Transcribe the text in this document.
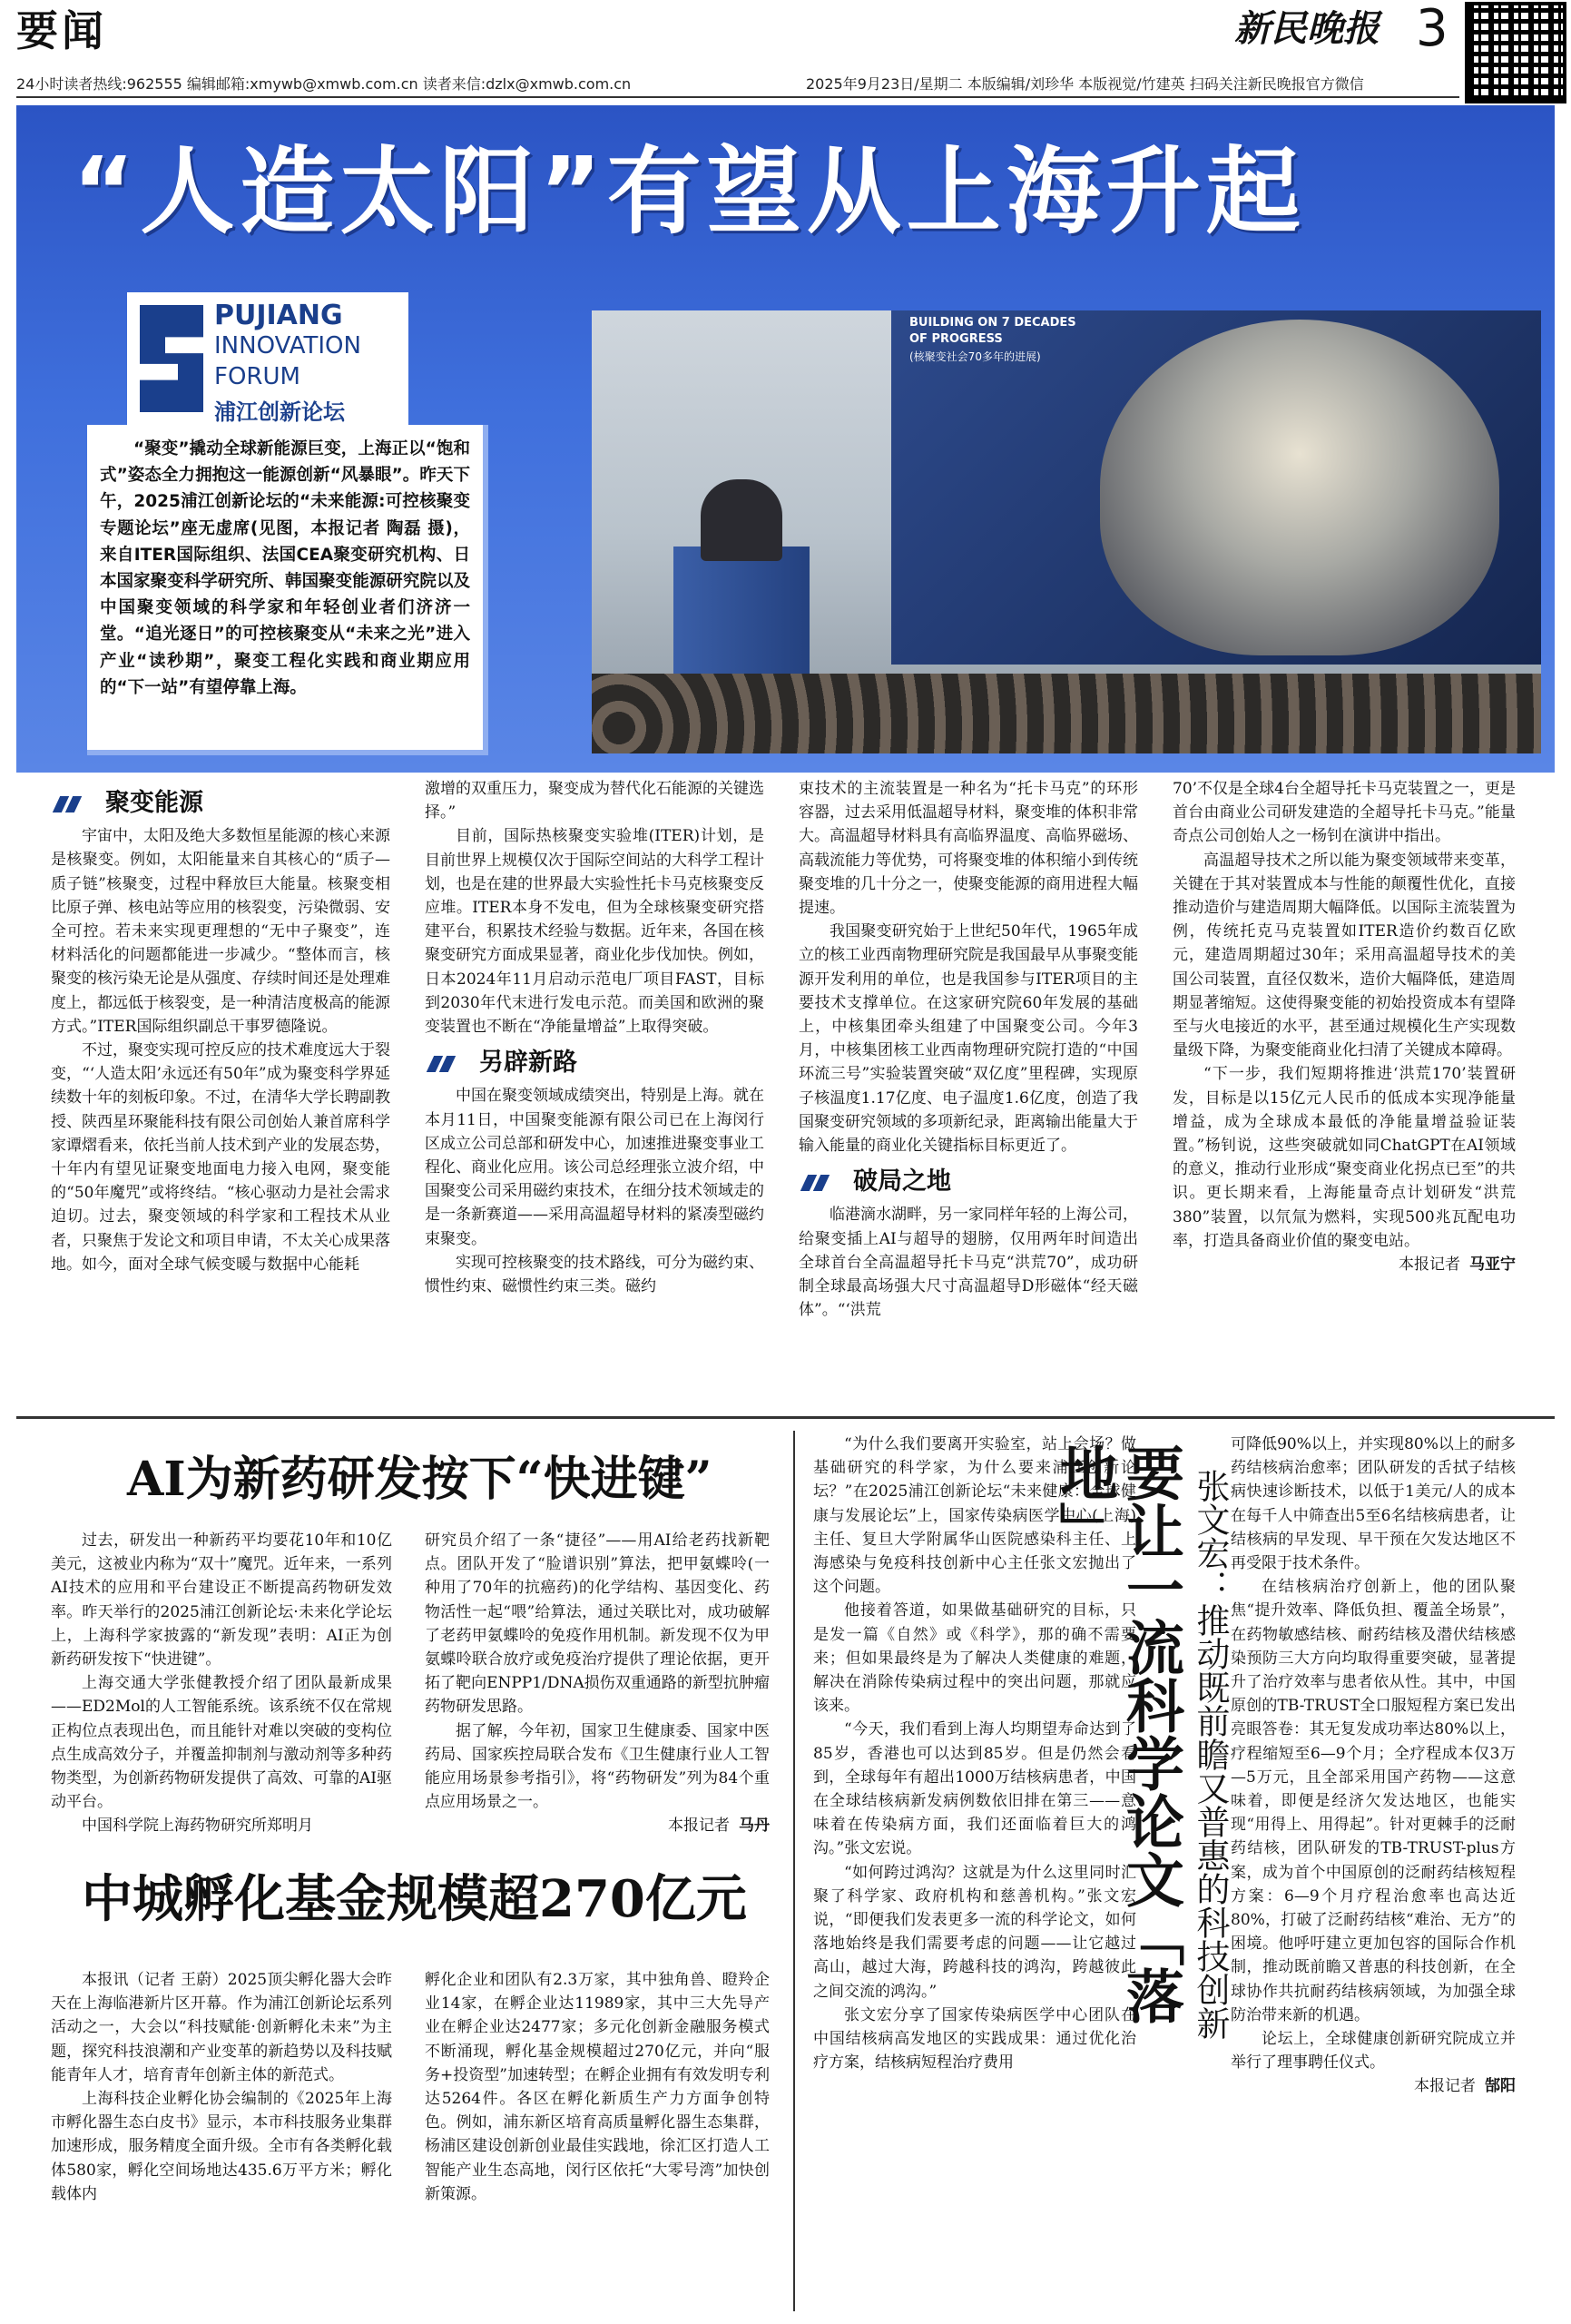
要闻	新民晚报 3
24小时读者热线:962555 编辑邮箱:xmywb@xmwb.com.cn 读者来信:dzlx@xmwb.com.cn	2025年9月23日/星期二 本版编辑/刘珍华 本版视觉/竹建英 扫码关注新民晚报官方微信
“人造太阳”有望从上海升起
PUJIANG
INNOVATION
FORUM
浦江创新论坛
BUILDING ON 7 DECADES
OF PROGRESS
(核聚变社会70多年的进展)

“聚变”撬动全球新能源巨变，上海正以“饱和式”姿态全力拥抱这一能源创新“风暴眼”。昨天下午，2025浦江创新论坛的“未来能源:可控核聚变专题论坛”座无虚席(见图，本报记者 陶磊 摄)，来自ITER国际组织、法国CEA聚变研究机构、日本国家聚变科学研究所、韩国聚变能源研究院以及中国聚变领域的科学家和年轻创业者们济济一堂。“追光逐日”的可控核聚变从“未来之光”进入产业“读秒期”，聚变工程化实践和商业期应用的“下一站”有望停靠上海。

聚变能源

宇宙中，太阳及绝大多数恒星能源的核心来源是核聚变。例如，太阳能量来自其核心的“质子—质子链”核聚变，过程中释放巨大能量。核聚变相比原子弹、核电站等应用的核裂变，污染微弱、安全可控。若未来实现更理想的“无中子聚变”，连材料活化的问题都能进一步减少。“整体而言，核聚变的核污染无论是从强度、存续时间还是处理难度上，都远低于核裂变，是一种清洁度极高的能源方式。”ITER国际组织副总干事罗德隆说。

不过，聚变实现可控反应的技术难度远大于裂变，“‘人造太阳’永远还有50年”成为聚变科学界延续数十年的刻板印象。不过，在清华大学长聘副教授、陕西星环聚能科技有限公司创始人兼首席科学家谭熠看来，依托当前人技术到产业的发展态势，十年内有望见证聚变地面电力接入电网，聚变能的“50年魔咒”或将终结。“核心驱动力是社会需求迫切。过去，聚变领域的科学家和工程技术从业者，只聚焦于发论文和项目申请，不太关心成果落地。如今，面对全球气候变暖与数据中心能耗

激增的双重压力，聚变成为替代化石能源的关键选择。”

目前，国际热核聚变实验堆(ITER)计划，是目前世界上规模仅次于国际空间站的大科学工程计划，也是在建的世界最大实验性托卡马克核聚变反应堆。ITER本身不发电，但为全球核聚变研究搭建平台，积累技术经验与数据。近年来，各国在核聚变研究方面成果显著，商业化步伐加快。例如，日本2024年11月启动示范电厂项目FAST，目标到2030年代末进行发电示范。而美国和欧洲的聚变装置也不断在“净能量增益”上取得突破。

另辟新路

中国在聚变领域成绩突出，特别是上海。就在本月11日，中国聚变能源有限公司已在上海闵行区成立公司总部和研发中心，加速推进聚变事业工程化、商业化应用。该公司总经理张立波介绍，中国聚变公司采用磁约束技术，在细分技术领域走的是一条新赛道——采用高温超导材料的紧凑型磁约束聚变。

实现可控核聚变的技术路线，可分为磁约束、惯性约束、磁惯性约束三类。磁约

束技术的主流装置是一种名为“托卡马克”的环形容器，过去采用低温超导材料，聚变堆的体积非常大。高温超导材料具有高临界温度、高临界磁场、高载流能力等优势，可将聚变堆的体积缩小到传统聚变堆的几十分之一，使聚变能源的商用进程大幅提速。

我国聚变研究始于上世纪50年代，1965年成立的核工业西南物理研究院是我国最早从事聚变能源开发利用的单位，也是我国参与ITER项目的主要技术支撑单位。在这家研究院60年发展的基础上，中核集团牵头组建了中国聚变公司。今年3月，中核集团核工业西南物理研究院打造的“中国环流三号”实验装置突破“双亿度”里程碑，实现原子核温度1.17亿度、电子温度1.6亿度，创造了我国聚变研究领域的多项新纪录，距离输出能量大于输入能量的商业化关键指标目标更近了。

破局之地

临港滴水湖畔，另一家同样年轻的上海公司，给聚变插上AI与超导的翅膀，仅用两年时间造出全球首台全高温超导托卡马克“洪荒70”，成功研制全球最高场强大尺寸高温超导D形磁体“经天磁体”。“‘洪荒

70’不仅是全球4台全超导托卡马克装置之一，更是首台由商业公司研发建造的全超导托卡马克。”能量奇点公司创始人之一杨钊在演讲中指出。

高温超导技术之所以能为聚变领域带来变革，关键在于其对装置成本与性能的颠覆性优化，直接推动造价与建造周期大幅降低。以国际主流装置为例，传统托克马克装置如ITER造价约数百亿欧元，建造周期超过30年；采用高温超导技术的美国公司装置，直径仅数米，造价大幅降低，建造周期显著缩短。这使得聚变能的初始投资成本有望降至与火电接近的水平，甚至通过规模化生产实现数量级下降，为聚变能商业化扫清了关键成本障碍。

“下一步，我们短期将推进‘洪荒170’装置研发，目标是以15亿元人民币的低成本实现净能量增益，成为全球成本最低的净能量增益验证装置。”杨钊说，这些突破就如同ChatGPT在AI领域的意义，推动行业形成“聚变商业化拐点已至”的共识。更长期来看，上海能量奇点计划研发“洪荒380”装置，以氘氚为燃料，实现500兆瓦配电功率，打造具备商业价值的聚变电站。

本报记者 马亚宁
AI为新药研发按下“快进键”

过去，研发出一种新药平均要花10年和10亿美元，这被业内称为“双十”魔咒。近年来，一系列AI技术的应用和平台建设正不断提高药物研发效率。昨天举行的2025浦江创新论坛·未来化学论坛上，上海科学家披露的“新发现”表明：AI正为创新药研发按下“快进键”。

上海交通大学张健教授介绍了团队最新成果——ED2Mol的人工智能系统。该系统不仅在常规正构位点表现出色，而且能针对难以突破的变构位点生成高效分子，并覆盖抑制剂与激动剂等多种药物类型，为创新药物研发提供了高效、可靠的AI驱动平台。

中国科学院上海药物研究所郑明月

研究员介绍了一条“捷径”——用AI给老药找新靶点。团队开发了“脸谱识别”算法，把甲氨蝶呤(一种用了70年的抗癌药)的化学结构、基因变化、药物活性一起“喂”给算法，通过关联比对，成功破解了老药甲氨蝶呤的免疫作用机制。新发现不仅为甲氨蝶呤联合放疗或免疫治疗提供了理论依据，更开拓了靶向ENPP1/DNA损伤双重通路的新型抗肿瘤药物研发思路。

据了解，今年初，国家卫生健康委、国家中医药局、国家疾控局联合发布《卫生健康行业人工智能应用场景参考指引》，将“药物研发”列为84个重点应用场景之一。

本报记者 马丹
中城孵化基金规模超270亿元

本报讯（记者 王蔚）2025顶尖孵化器大会昨天在上海临港新片区开幕。作为浦江创新论坛系列活动之一，大会以“科技赋能·创新孵化未来”为主题，探究科技浪潮和产业变革的新趋势以及科技赋能青年人才，培育青年创新主体的新范式。

上海科技企业孵化协会编制的《2025年上海市孵化器生态白皮书》显示，本市科技服务业集群加速形成，服务精度全面升级。全市有各类孵化载体580家，孵化空间场地达435.6万平方米；孵化载体内

孵化企业和团队有2.3万家，其中独角兽、瞪羚企业14家，在孵企业达11989家，其中三大先导产业在孵企业达2477家；多元化创新金融服务模式不断涌现，孵化基金规模超过270亿元，并向“服务+投资型”加速转型；在孵企业拥有有效发明专利达5264件。各区在孵化新质生产力方面争创特色。例如，浦东新区培育高质量孵化器生态集群，杨浦区建设创新创业最佳实践地，徐汇区打造人工智能产业生态高地，闵行区依托“大零号湾”加快创新策源。

“为什么我们要离开实验室，站上会场？做基础研究的科学家，为什么要来浦江创新论坛？”在2025浦江创新论坛“未来健康：全球健康与发展论坛”上，国家传染病医学中心(上海)主任、复旦大学附属华山医院感染科主任、上海感染与免疫科技创新中心主任张文宏抛出了这个问题。

他接着答道，如果做基础研究的目标，只是发一篇《自然》或《科学》，那的确不需要来；但如果最终是为了解决人类健康的难题，解决在消除传染病过程中的突出问题，那就应该来。

“今天，我们看到上海人均期望寿命达到了85岁，香港也可以达到85岁。但是仍然会看到，全球每年有超出1000万结核病患者，中国在全球结核病新发病例数依旧排在第三——意味着在传染病方面，我们还面临着巨大的鸿沟。”张文宏说。

“如何跨过鸿沟？这就是为什么这里同时汇聚了科学家、政府机构和慈善机构。”张文宏说，“即便我们发表更多一流的科学论文，如何落地始终是我们需要考虑的问题——让它越过高山，越过大海，跨越科技的鸿沟，跨越彼此之间交流的鸿沟。”

张文宏分享了国家传染病医学中心团队在中国结核病高发地区的实践成果：通过优化治疗方案，结核病短程治疗费用

要让一流科学论文「落地」	张文宏：推动既前瞻又普惠的科技创新

可降低90%以上，并实现80%以上的耐多药结核病治愈率；团队研发的舌拭子结核病快速诊断技术，以低于1美元/人的成本在每千人中筛查出5至6名结核病患者，让结核病的早发现、早干预在欠发达地区不再受限于技术条件。

在结核病治疗创新上，他的团队聚焦“提升效率、降低负担、覆盖全场景”，在药物敏感结核、耐药结核及潜伏结核感染预防三大方向均取得重要突破，显著提升了治疗效率与患者依从性。其中，中国原创的TB-TRUST全口服短程方案已发出亮眼答卷：其无复发成功率达80%以上，疗程缩短至6—9个月；全疗程成本仅3万—5万元，且全部采用国产药物——这意味着，即便是经济欠发达地区，也能实现“用得上、用得起”。针对更棘手的泛耐药结核，团队研发的TB-TRUST-plus方案，成为首个中国原创的泛耐药结核短程方案：6—9个月疗程治愈率也高达近80%，打破了泛耐药结核“难治、无方”的困境。他呼吁建立更加包容的国际合作机制，推动既前瞻又普惠的科技创新，在全球协作共抗耐药结核病领域，为加强全球防治带来新的机遇。

论坛上，全球健康创新研究院成立并举行了理事聘任仪式。

本报记者 郜阳
